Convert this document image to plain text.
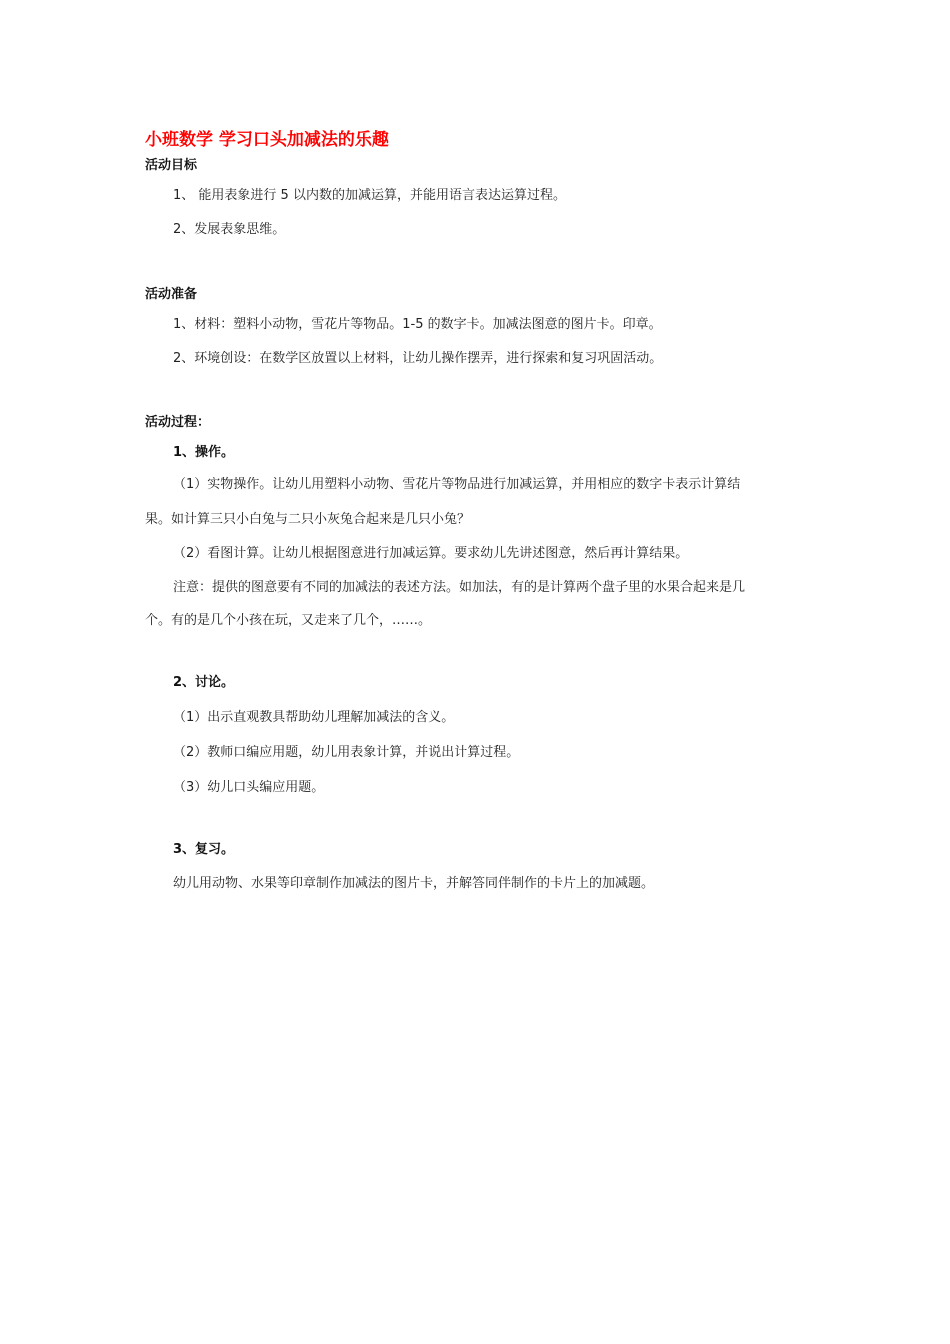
小班数学 学习口头加减法的乐趣
活动目标
1、 能用表象进行 5 以内数的加减运算，并能用语言表达运算过程。
2、发展表象思维。
活动准备
1、材料：塑料小动物，雪花片等物品。1-5 的数字卡。加减法图意的图片卡。印章。
2、环境创设：在数学区放置以上材料，让幼儿操作摆弄，进行探索和复习巩固活动。
活动过程：
1、操作。
（1）实物操作。让幼儿用塑料小动物、雪花片等物品进行加减运算，并用相应的数字卡表示计算结
果。如计算三只小白兔与二只小灰兔合起来是几只小兔？
（2）看图计算。让幼儿根据图意进行加减运算。要求幼儿先讲述图意，然后再计算结果。
注意：提供的图意要有不同的加减法的表述方法。如加法，有的是计算两个盘子里的水果合起来是几
个。有的是几个小孩在玩，又走来了几个，……。
2、讨论。
（1）出示直观教具帮助幼儿理解加减法的含义。
（2）教师口编应用题，幼儿用表象计算，并说出计算过程。
（3）幼儿口头编应用题。
3、复习。
幼儿用动物、水果等印章制作加减法的图片卡，并解答同伴制作的卡片上的加减题。
